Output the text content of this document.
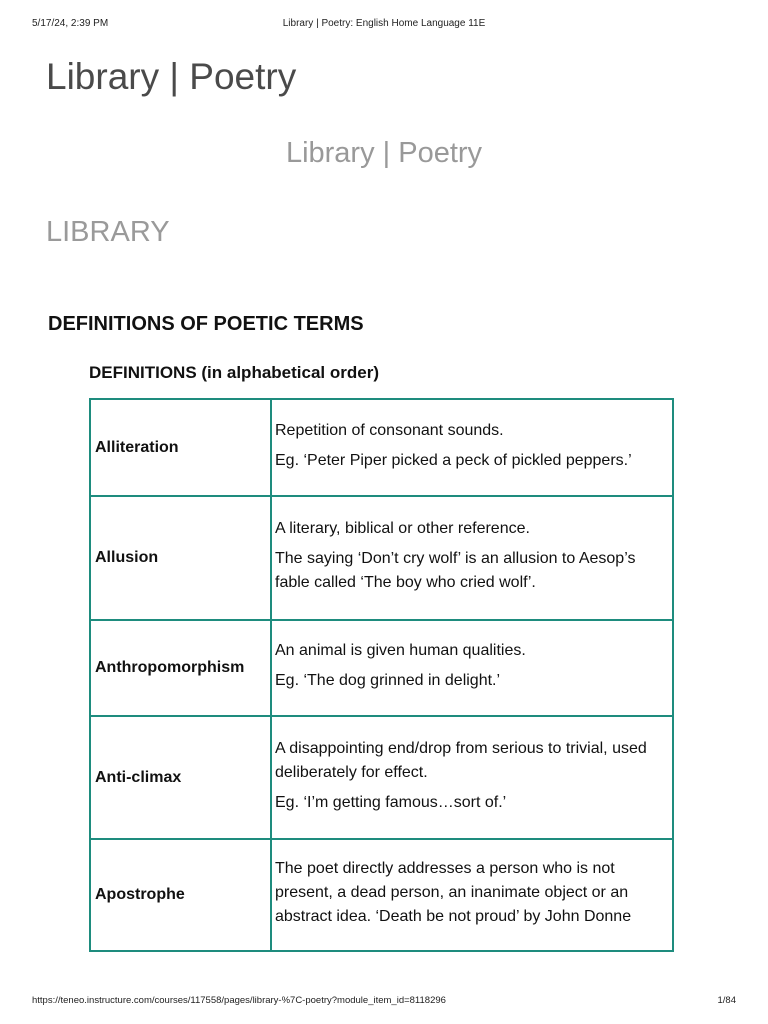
Library | Poetry: English Home Language 11E
5/17/24, 2:39 PM
Library | Poetry
Library | Poetry
LIBRARY
DEFINITIONS OF POETIC TERMS
DEFINITIONS (in alphabetical order)
Alliteration	Repetition of consonant sounds.

Eg. ‘Peter Piper picked a peck of pickled peppers.’

Allusion	A literary, biblical or other reference.

The saying ‘Don’t cry wolf’ is an allusion to Aesop’s fable called ‘The boy who cried wolf’.

Anthropomorphism	An animal is given human qualities.

Eg. ‘The dog grinned in delight.’

Anti-climax	A disappointing end/drop from serious to trivial, used deliberately for effect.

Eg. ‘I’m getting famous…sort of.’

Apostrophe	The poet directly addresses a person who is not present, a dead person, an inanimate object or an abstract idea. ‘Death be not proud’ by John Donne

https://teneo.instructure.com/courses/117558/pages/library-%7C-poetry?module_item_id=8118296	1/84
